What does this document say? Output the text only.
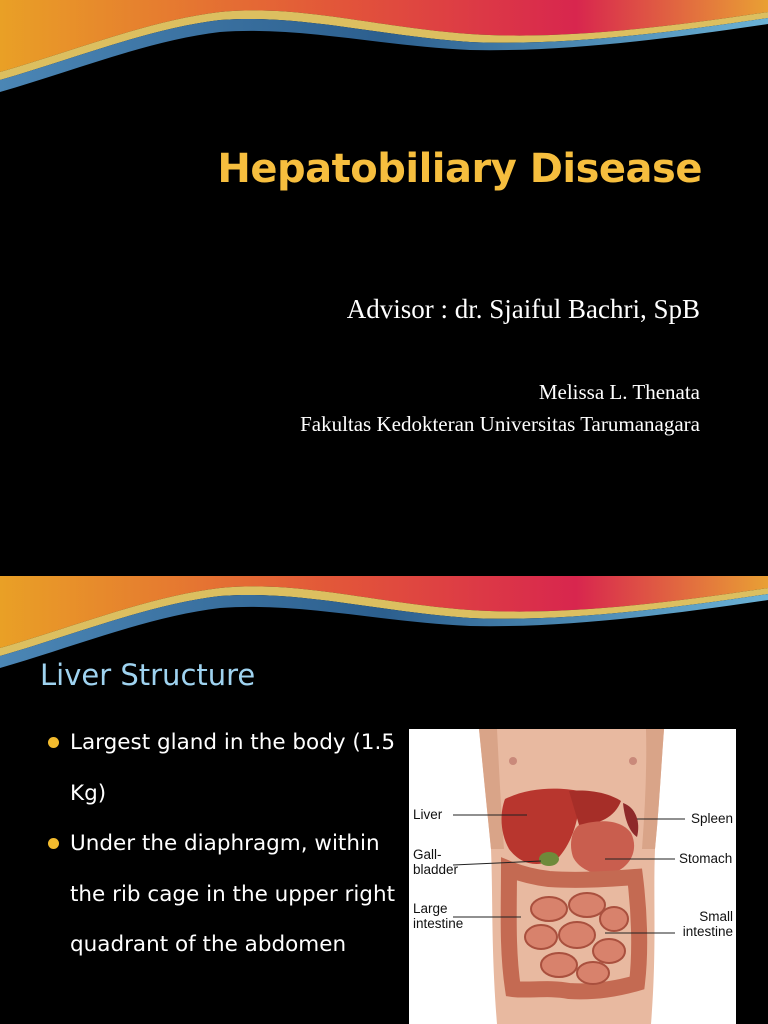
Hepatobiliary Disease
Advisor : dr. Sjaiful Bachri, SpB
Melissa L. Thenata
Fakultas Kedokteran Universitas Tarumanagara
Liver Structure
Largest gland in the body (1.5 Kg)
Under the diaphragm, within the rib cage in the upper right quadrant of the abdomen
Liver
Gall-
bladder
Large
intestine
Spleen
Stomach
Small
intestine
